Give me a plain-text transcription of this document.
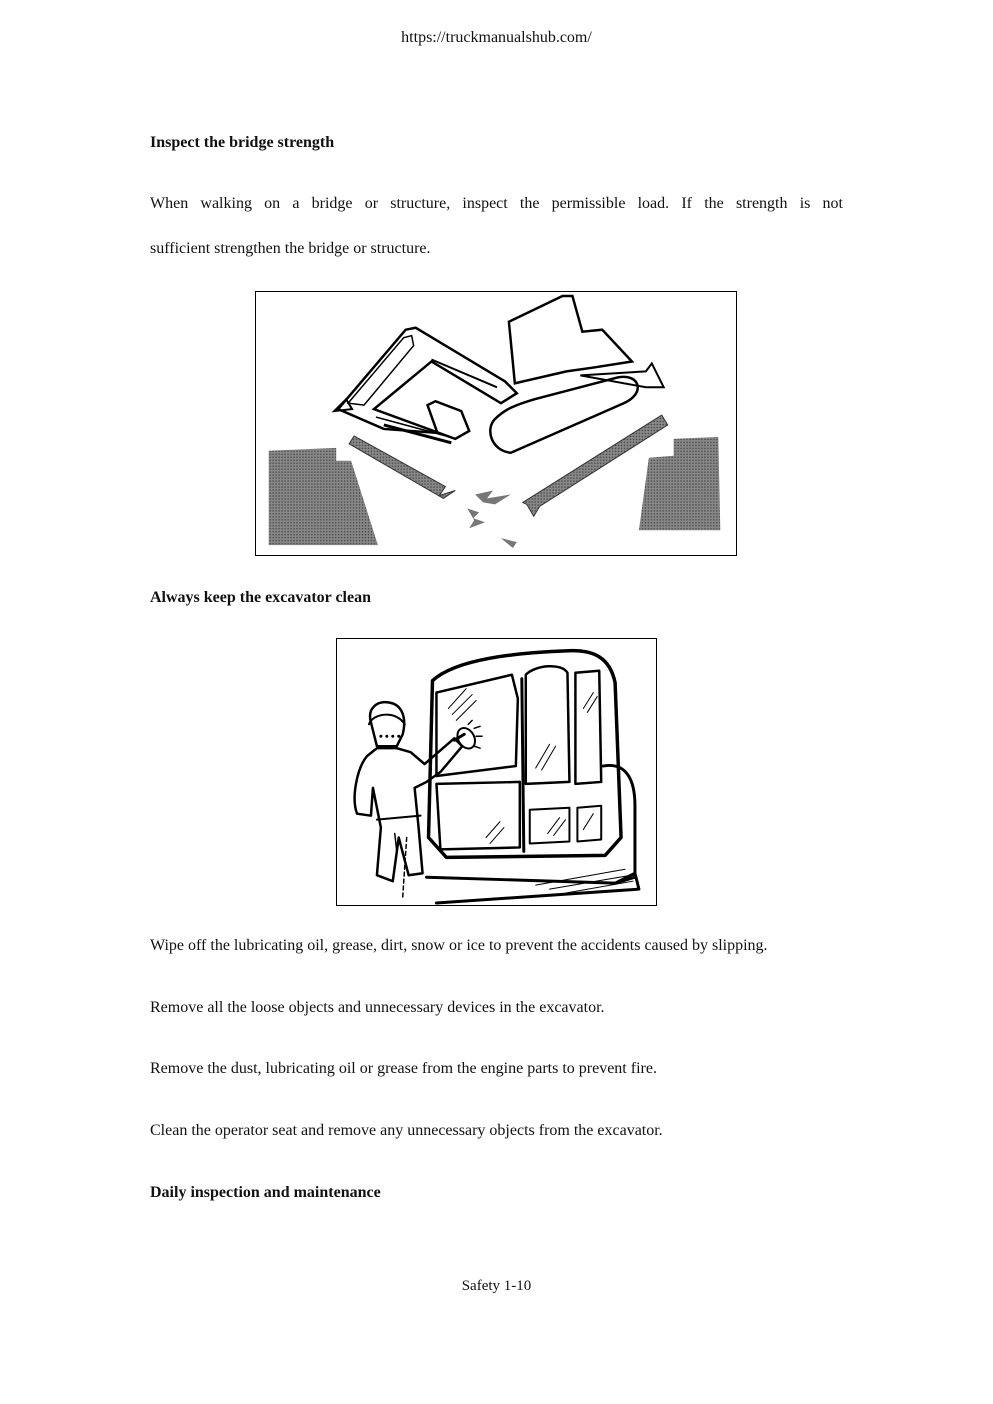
https://truckmanualshub.com/
Inspect the bridge strength
When walking on a bridge or structure, inspect the permissible load. If the strength is not
sufficient strengthen the bridge or structure.
Always keep the excavator clean
Wipe off the lubricating oil, grease, dirt, snow or ice to prevent the accidents caused by slipping.
Remove all the loose objects and unnecessary devices in the excavator.
Remove the dust, lubricating oil or grease from the engine parts to prevent fire.
Clean the operator seat and remove any unnecessary objects from the excavator.
Daily inspection and maintenance
Safety 1-10
